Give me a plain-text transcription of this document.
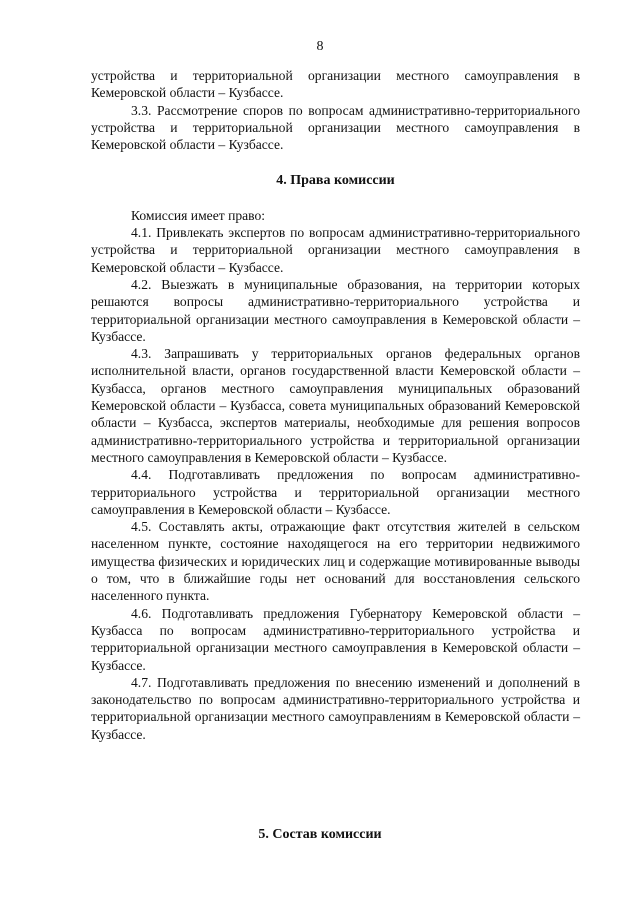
8

устройства и территориальной организации местного самоуправления в Кемеровской области – Кузбассе.

3.3. Рассмотрение споров по вопросам административно-территориального устройства и территориальной организации местного самоуправления в Кемеровской области – Кузбассе.

4. Права комиссии

Комиссия имеет право:

4.1. Привлекать экспертов по вопросам административно-территориального устройства и территориальной организации местного самоуправления в Кемеровской области – Кузбассе.

4.2. Выезжать в муниципальные образования, на территории которых решаются вопросы административно-территориального устройства и территориальной организации местного самоуправления в Кемеровской области – Кузбассе.

4.3. Запрашивать у территориальных органов федеральных органов исполнительной власти, органов государственной власти Кемеровской области – Кузбасса, органов местного самоуправления муниципальных образований Кемеровской области – Кузбасса, совета муниципальных образований Кемеровской области – Кузбасса, экспертов материалы, необходимые для решения вопросов административно-территориального устройства и территориальной организации местного самоуправления в Кемеровской области – Кузбассе.

4.4. Подготавливать предложения по вопросам административно-территориального устройства и территориальной организации местного самоуправления в Кемеровской области – Кузбассе.

4.5. Составлять акты, отражающие факт отсутствия жителей в сельском населенном пункте, состояние находящегося на его территории недвижимого имущества физических и юридических лиц и содержащие мотивированные выводы о том, что в ближайшие годы нет оснований для восстановления сельского населенного пункта.

4.6. Подготавливать предложения Губернатору Кемеровской области – Кузбасса по вопросам административно-территориального устройства и территориальной организации местного самоуправления в Кемеровской области – Кузбассе.

4.7. Подготавливать предложения по внесению изменений и дополнений в законодательство по вопросам административно-территориального устройства и территориальной организации местного самоуправлениям в Кемеровской области – Кузбассе.

5. Состав комиссии
